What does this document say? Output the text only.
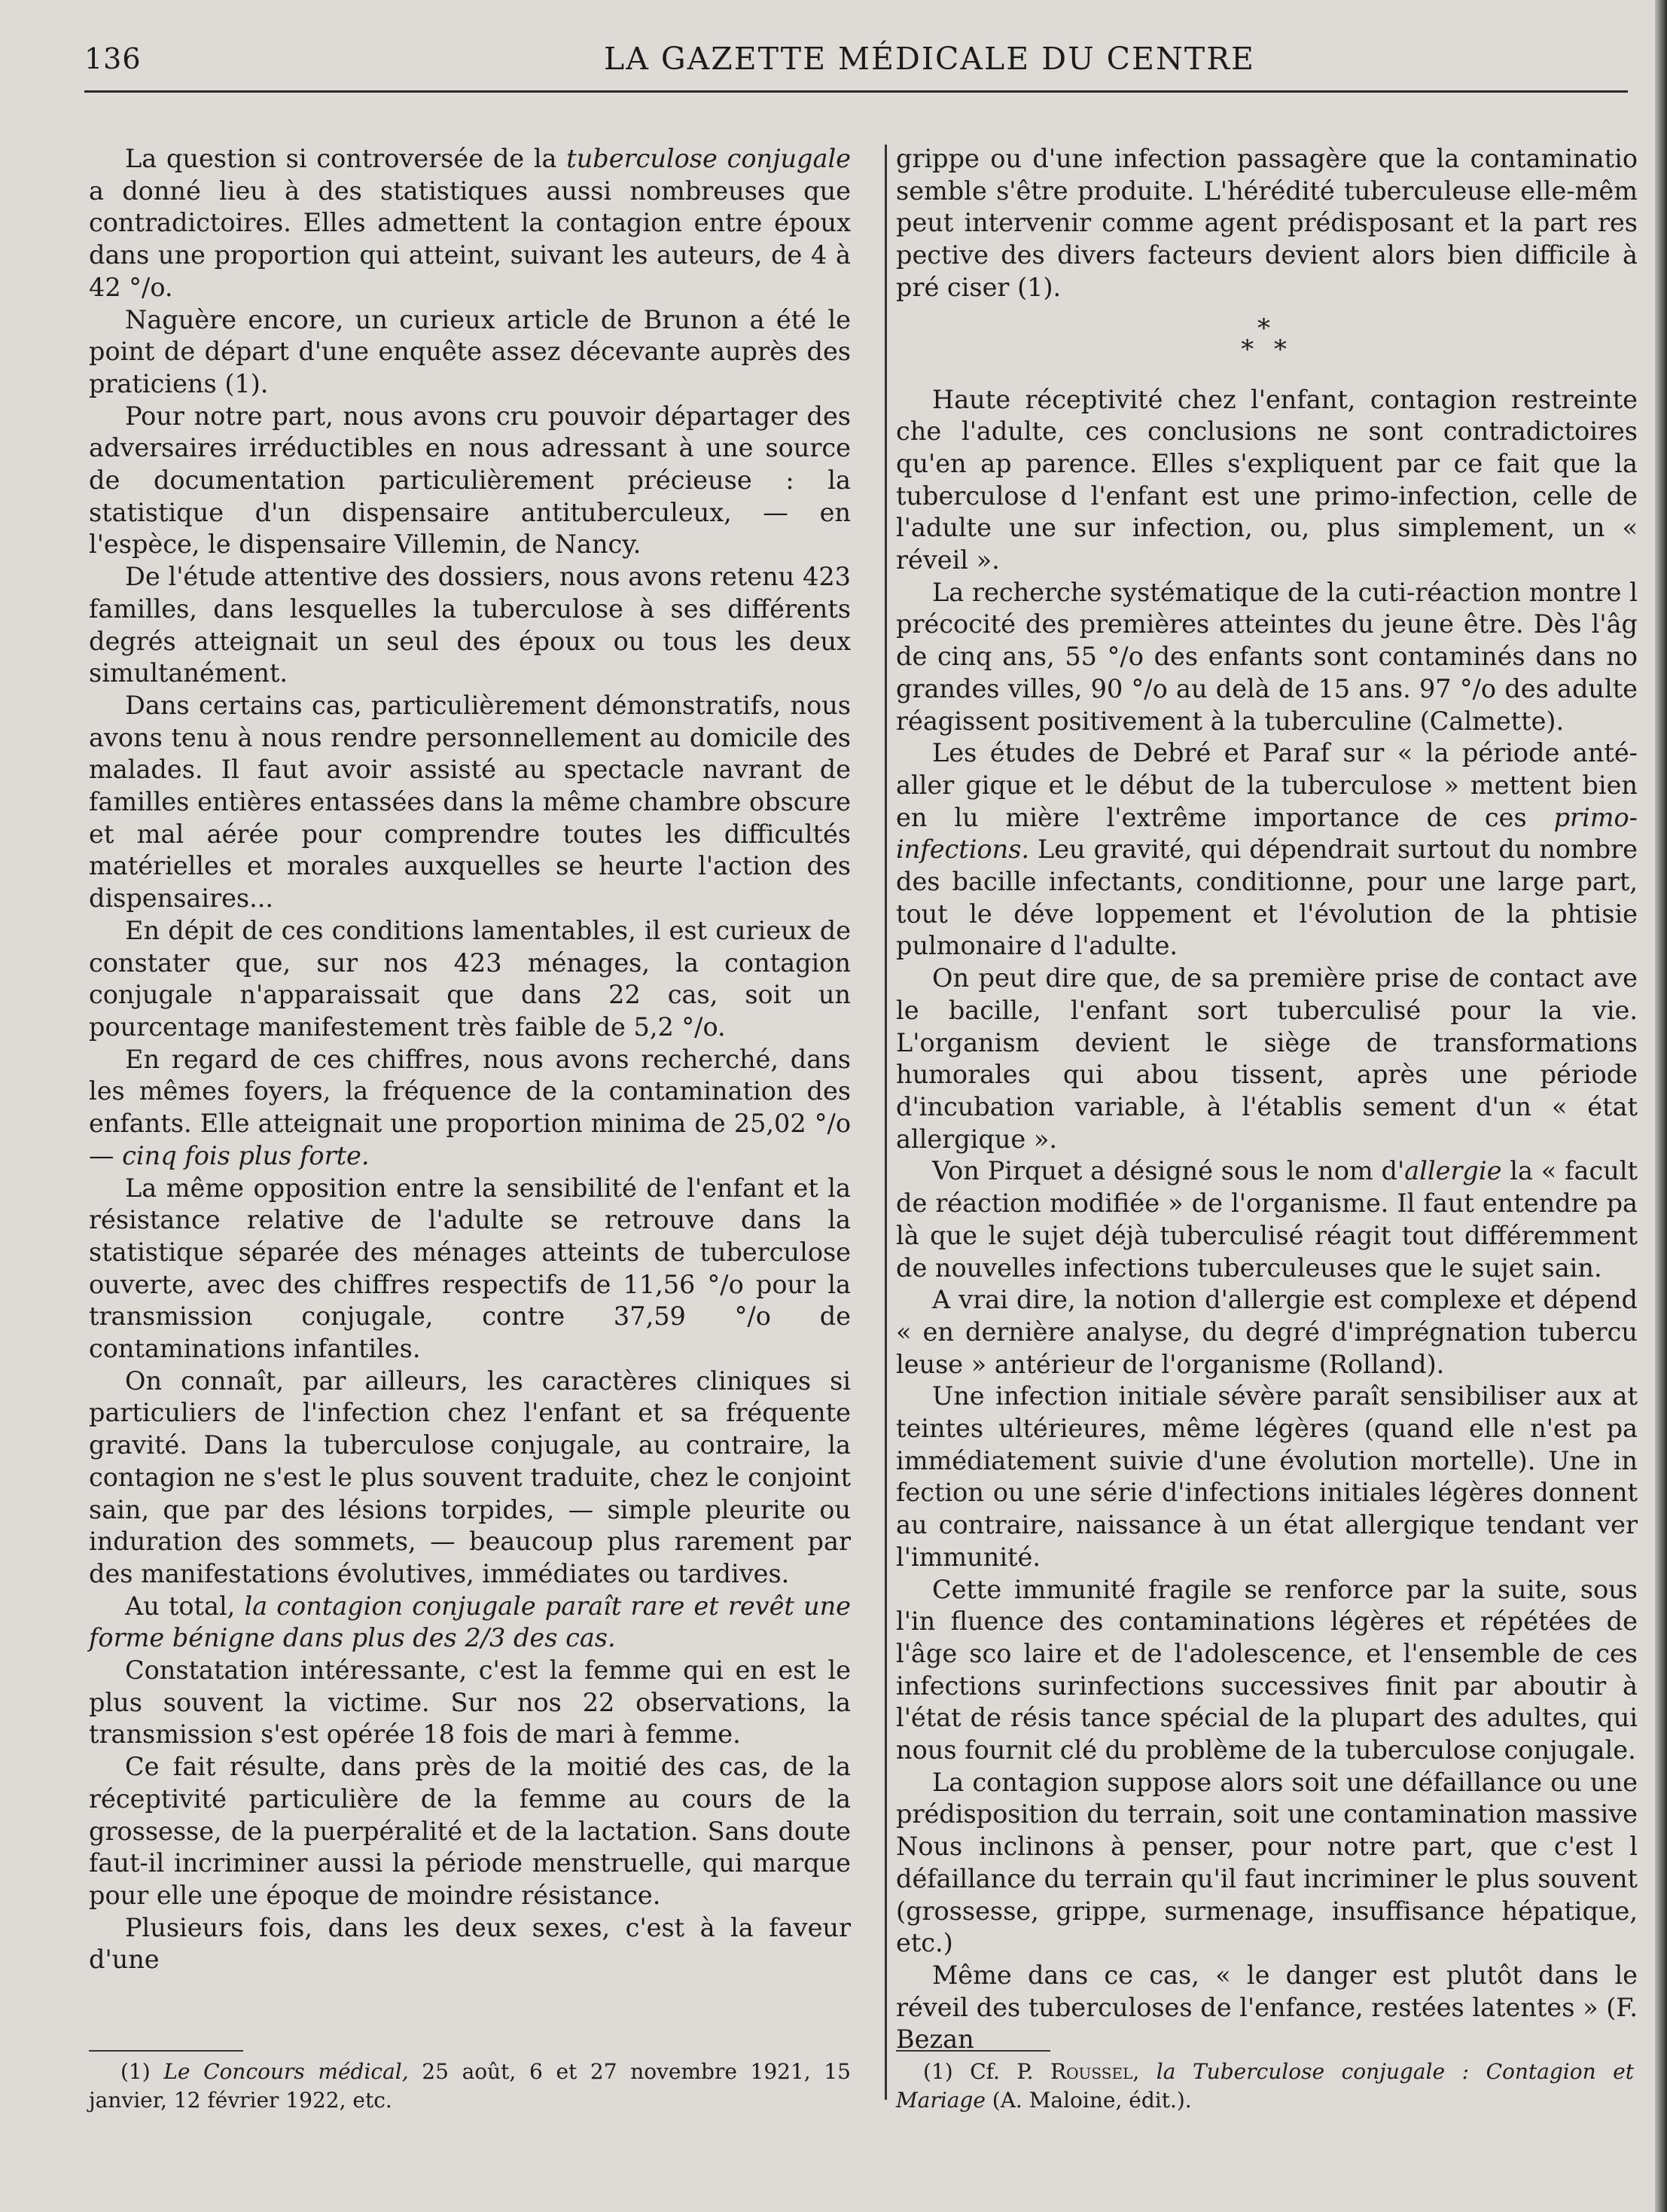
136	LA GAZETTE MÉDICALE DU CENTRE

La question si controversée de la tuberculose conjugale a donné lieu à des statistiques aussi nombreuses que contradictoires. Elles admettent la contagion entre époux dans une proportion qui atteint, suivant les auteurs, de 4 à 42 °/o.

Naguère encore, un curieux article de Brunon a été le point de départ d'une enquête assez décevante auprès des praticiens (1).

Pour notre part, nous avons cru pouvoir départager des adversaires irréductibles en nous adressant à une source de documentation particulièrement précieuse : la statistique d'un dispensaire antituberculeux, — en l'espèce, le dispensaire Villemin, de Nancy.

De l'étude attentive des dossiers, nous avons retenu 423 familles, dans lesquelles la tuberculose à ses différents degrés atteignait un seul des époux ou tous les deux simultanément.

Dans certains cas, particulièrement démonstratifs, nous avons tenu à nous rendre personnellement au domicile des malades. Il faut avoir assisté au spectacle navrant de familles entières entassées dans la même chambre obscure et mal aérée pour comprendre toutes les difficultés matérielles et morales auxquelles se heurte l'action des dispensaires...

En dépit de ces conditions lamentables, il est curieux de constater que, sur nos 423 ménages, la contagion conjugale n'apparaissait que dans 22 cas, soit un pourcentage manifestement très faible de 5,2 °/o.

En regard de ces chiffres, nous avons recherché, dans les mêmes foyers, la fréquence de la contamination des enfants. Elle atteignait une proportion minima de 25,02 °/o — cinq fois plus forte.

La même opposition entre la sensibilité de l'enfant et la résistance relative de l'adulte se retrouve dans la statistique séparée des ménages atteints de tuberculose ouverte, avec des chiffres respectifs de 11,56 °/o pour la transmission conjugale, contre 37,59 °/o de contaminations infantiles.

On connaît, par ailleurs, les caractères cliniques si particuliers de l'infection chez l'enfant et sa fréquente gravité. Dans la tuberculose conjugale, au contraire, la contagion ne s'est le plus souvent traduite, chez le conjoint sain, que par des lésions torpides, — simple pleurite ou induration des sommets, — beaucoup plus rarement par des manifestations évolutives, immédiates ou tardives.

Au total, la contagion conjugale paraît rare et revêt une forme bénigne dans plus des 2/3 des cas.

Constatation intéressante, c'est la femme qui en est le plus souvent la victime. Sur nos 22 observations, la transmission s'est opérée 18 fois de mari à femme.

Ce fait résulte, dans près de la moitié des cas, de la réceptivité particulière de la femme au cours de la grossesse, de la puerpéralité et de la lactation. Sans doute faut-il incriminer aussi la période menstruelle, qui marque pour elle une époque de moindre résistance.

Plusieurs fois, dans les deux sexes, c'est à la faveur d'une

grippe ou d'une infection passagère que la contaminatio semble s'être produite. L'hérédité tuberculeuse elle-mêm peut intervenir comme agent prédisposant et la part res pective des divers facteurs devient alors bien difficile à pré ciser (1).

*
* *

Haute réceptivité chez l'enfant, contagion restreinte che l'adulte, ces conclusions ne sont contradictoires qu'en ap parence. Elles s'expliquent par ce fait que la tuberculose d l'enfant est une primo-infection, celle de l'adulte une sur infection, ou, plus simplement, un « réveil ».

La recherche systématique de la cuti-réaction montre l précocité des premières atteintes du jeune être. Dès l'âg de cinq ans, 55 °/o des enfants sont contaminés dans no grandes villes, 90 °/o au delà de 15 ans. 97 °/o des adulte réagissent positivement à la tuberculine (Calmette).

Les études de Debré et Paraf sur « la période anté-aller gique et le début de la tuberculose » mettent bien en lu mière l'extrême importance de ces primo-infections. Leu gravité, qui dépendrait surtout du nombre des bacille infectants, conditionne, pour une large part, tout le déve loppement et l'évolution de la phtisie pulmonaire d l'adulte.

On peut dire que, de sa première prise de contact ave le bacille, l'enfant sort tuberculisé pour la vie. L'organism devient le siège de transformations humorales qui abou tissent, après une période d'incubation variable, à l'établis sement d'un « état allergique ».

Von Pirquet a désigné sous le nom d'allergie la « facult de réaction modifiée » de l'organisme. Il faut entendre pa là que le sujet déjà tuberculisé réagit tout différemment de nouvelles infections tuberculeuses que le sujet sain.

A vrai dire, la notion d'allergie est complexe et dépend « en dernière analyse, du degré d'imprégnation tubercu leuse » antérieur de l'organisme (Rolland).

Une infection initiale sévère paraît sensibiliser aux at teintes ultérieures, même légères (quand elle n'est pa immédiatement suivie d'une évolution mortelle). Une in fection ou une série d'infections initiales légères donnent au contraire, naissance à un état allergique tendant ver l'immunité.

Cette immunité fragile se renforce par la suite, sous l'in fluence des contaminations légères et répétées de l'âge sco laire et de l'adolescence, et l'ensemble de ces infections surinfections successives finit par aboutir à l'état de résis tance spécial de la plupart des adultes, qui nous fournit clé du problème de la tuberculose conjugale.

La contagion suppose alors soit une défaillance ou une prédisposition du terrain, soit une contamination massive Nous inclinons à penser, pour notre part, que c'est l défaillance du terrain qu'il faut incriminer le plus souvent (grossesse, grippe, surmenage, insuffisance hépatique, etc.)

Même dans ce cas, « le danger est plutôt dans le réveil des tuberculoses de l'enfance, restées latentes » (F. Bezan

(1) Le Concours médical, 25 août, 6 et 27 novembre 1921, 15 janvier, 12 février 1922, etc.
(1) Cf. P. Roussel, la Tuberculose conjugale : Contagion et Mariage (A. Maloine, édit.).
